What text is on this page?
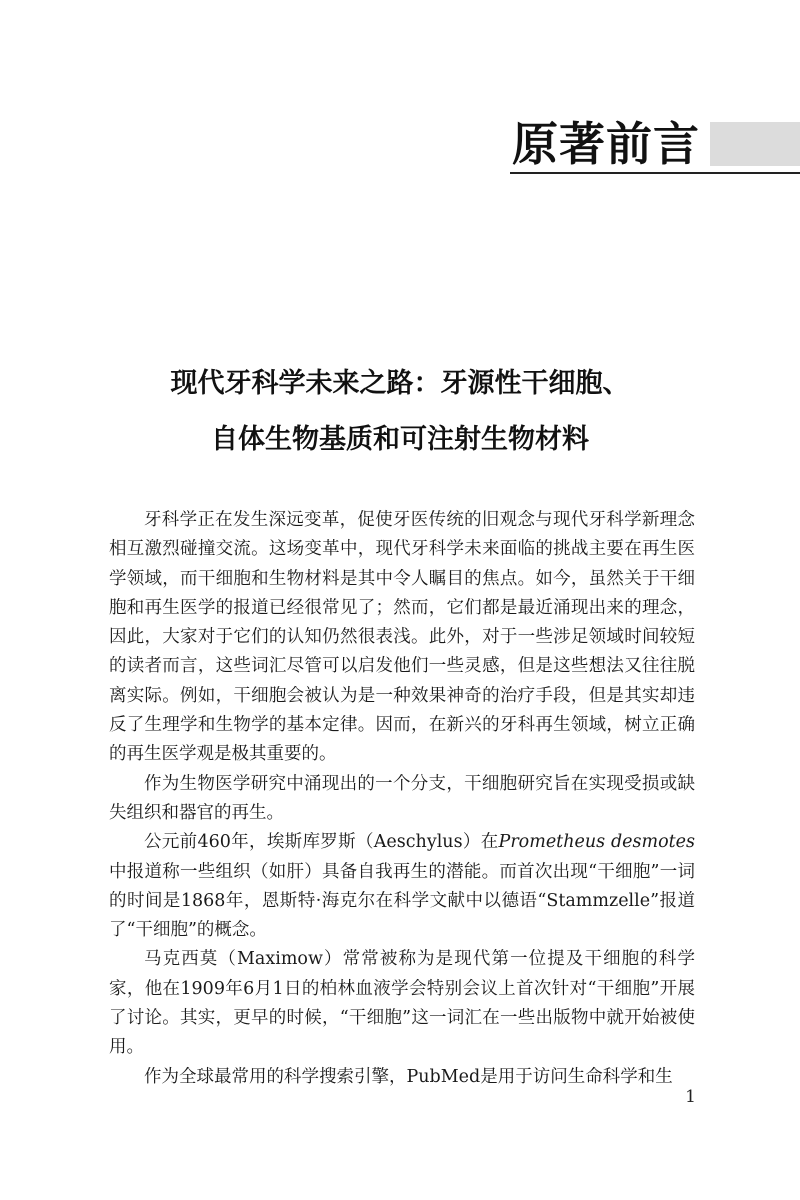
原著前言
现代牙科学未来之路：牙源性干细胞、
自体生物基质和可注射生物材料

牙科学正在发生深远变革，促使牙医传统的旧观念与现代牙科学新理念相互激烈碰撞交流。这场变革中，现代牙科学未来面临的挑战主要在再生医学领域，而干细胞和生物材料是其中令人瞩目的焦点。如今，虽然关于干细胞和再生医学的报道已经很常见了；然而，它们都是最近涌现出来的理念，因此，大家对于它们的认知仍然很表浅。此外，对于一些涉足领域时间较短的读者而言，这些词汇尽管可以启发他们一些灵感，但是这些想法又往往脱离实际。例如，干细胞会被认为是一种效果神奇的治疗手段，但是其实却违反了生理学和生物学的基本定律。因而，在新兴的牙科再生领域，树立正确的再生医学观是极其重要的。

作为生物医学研究中涌现出的一个分支，干细胞研究旨在实现受损或缺失组织和器官的再生。

公元前460年，埃斯库罗斯（Aeschylus）在Prometheus desmotes中报道称一些组织（如肝）具备自我再生的潜能。而首次出现“干细胞”一词的时间是1868年，恩斯特·海克尔在科学文献中以德语“Stammzelle”报道了“干细胞”的概念。

马克西莫（Maximow）常常被称为是现代第一位提及干细胞的科学家，他在1909年6月1日的柏林血液学会特别会议上首次针对“干细胞”开展了讨论。其实，更早的时候，“干细胞”这一词汇在一些出版物中就开始被使用。

作为全球最常用的科学搜索引擎，PubMed是用于访问生命科学和生

1
